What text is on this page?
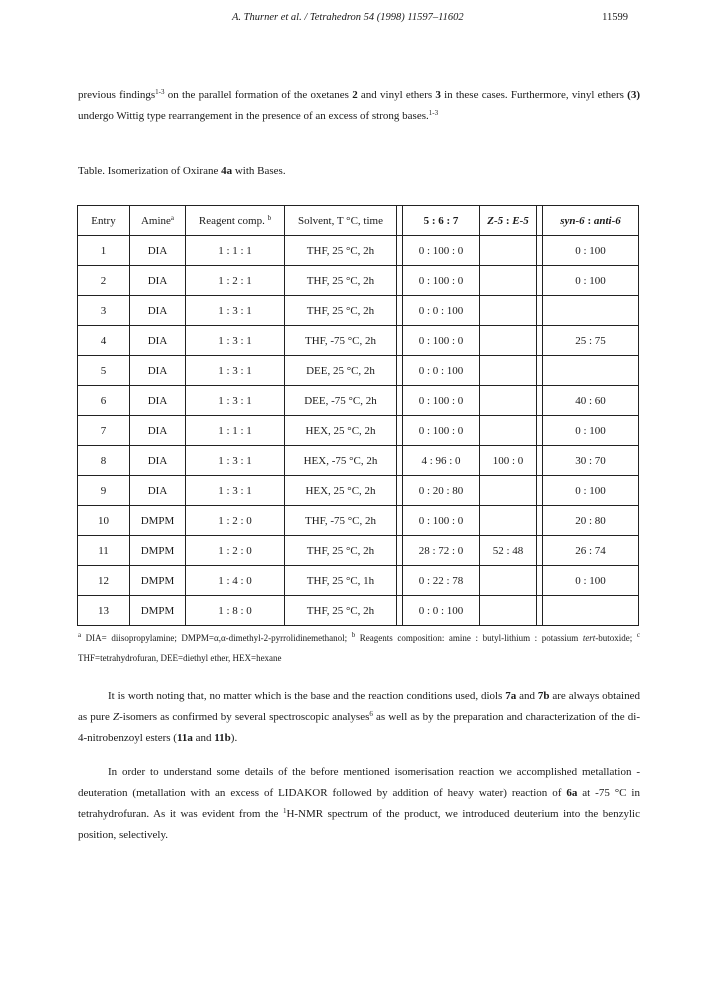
A. Thurner et al. / Tetrahedron 54 (1998) 11597–11602	11599
previous findings$^{1-3}$ on the parallel formation of the oxetanes 2 and vinyl ethers 3 in these cases. Furthermore, vinyl ethers (3) undergo Wittig type rearrangement in the presence of an excess of strong bases.$^{1-3}$
Table. Isomerization of Oxirane 4a with Bases.
Entry	Amine$^a$	Reagent comp. $^b$	Solvent, T °C, time		5 : 6 : 7	Z-5 : E-5		syn-6 : anti-6
1	DIA	1 : 1 : 1	THF, 25 °C, 2h		0 : 100 : 0			0 : 100
2	DIA	1 : 2 : 1	THF, 25 °C, 2h		0 : 100 : 0			0 : 100
3	DIA	1 : 3 : 1	THF, 25 °C, 2h		0 : 0 : 100			
4	DIA	1 : 3 : 1	THF, -75 °C, 2h		0 : 100 : 0			25 : 75
5	DIA	1 : 3 : 1	DEE, 25 °C, 2h		0 : 0 : 100			
6	DIA	1 : 3 : 1	DEE, -75 °C, 2h		0 : 100 : 0			40 : 60
7	DIA	1 : 1 : 1	HEX, 25 °C, 2h		0 : 100 : 0			0 : 100
8	DIA	1 : 3 : 1	HEX, -75 °C, 2h		4 : 96 : 0	100 : 0		30 : 70
9	DIA	1 : 3 : 1	HEX, 25 °C, 2h		0 : 20 : 80			0 : 100
10	DMPM	1 : 2 : 0	THF, -75 °C, 2h		0 : 100 : 0			20 : 80
11	DMPM	1 : 2 : 0	THF, 25 °C, 2h		28 : 72 : 0	52 : 48		26 : 74
12	DMPM	1 : 4 : 0	THF, 25 °C, 1h		0 : 22 : 78			0 : 100
13	DMPM	1 : 8 : 0	THF, 25 °C, 2h		0 : 0 : 100			
$^a$ DIA= diisopropylamine; DMPM=α,α-dimethyl-2-pyrrolidinemethanol; $^b$ Reagents composition: amine : butyl-lithium : potassium tert-butoxide; $^c$ THF=tetrahydrofuran, DEE=diethyl ether, HEX=hexane
It is worth noting that, no matter which is the base and the reaction conditions used, diols 7a and 7b are always obtained as pure Z-isomers as confirmed by several spectroscopic analyses$^6$ as well as by the preparation and characterization of the di-4-nitrobenzoyl esters (11a and 11b).
In order to understand some details of the before mentioned isomerisation reaction we accomplished metallation - deuteration (metallation with an excess of LIDAKOR followed by addition of heavy water) reaction of 6a at -75 °C in tetrahydrofuran. As it was evident from the $^1$H-NMR spectrum of the product, we introduced deuterium into the benzylic position, selectively.
